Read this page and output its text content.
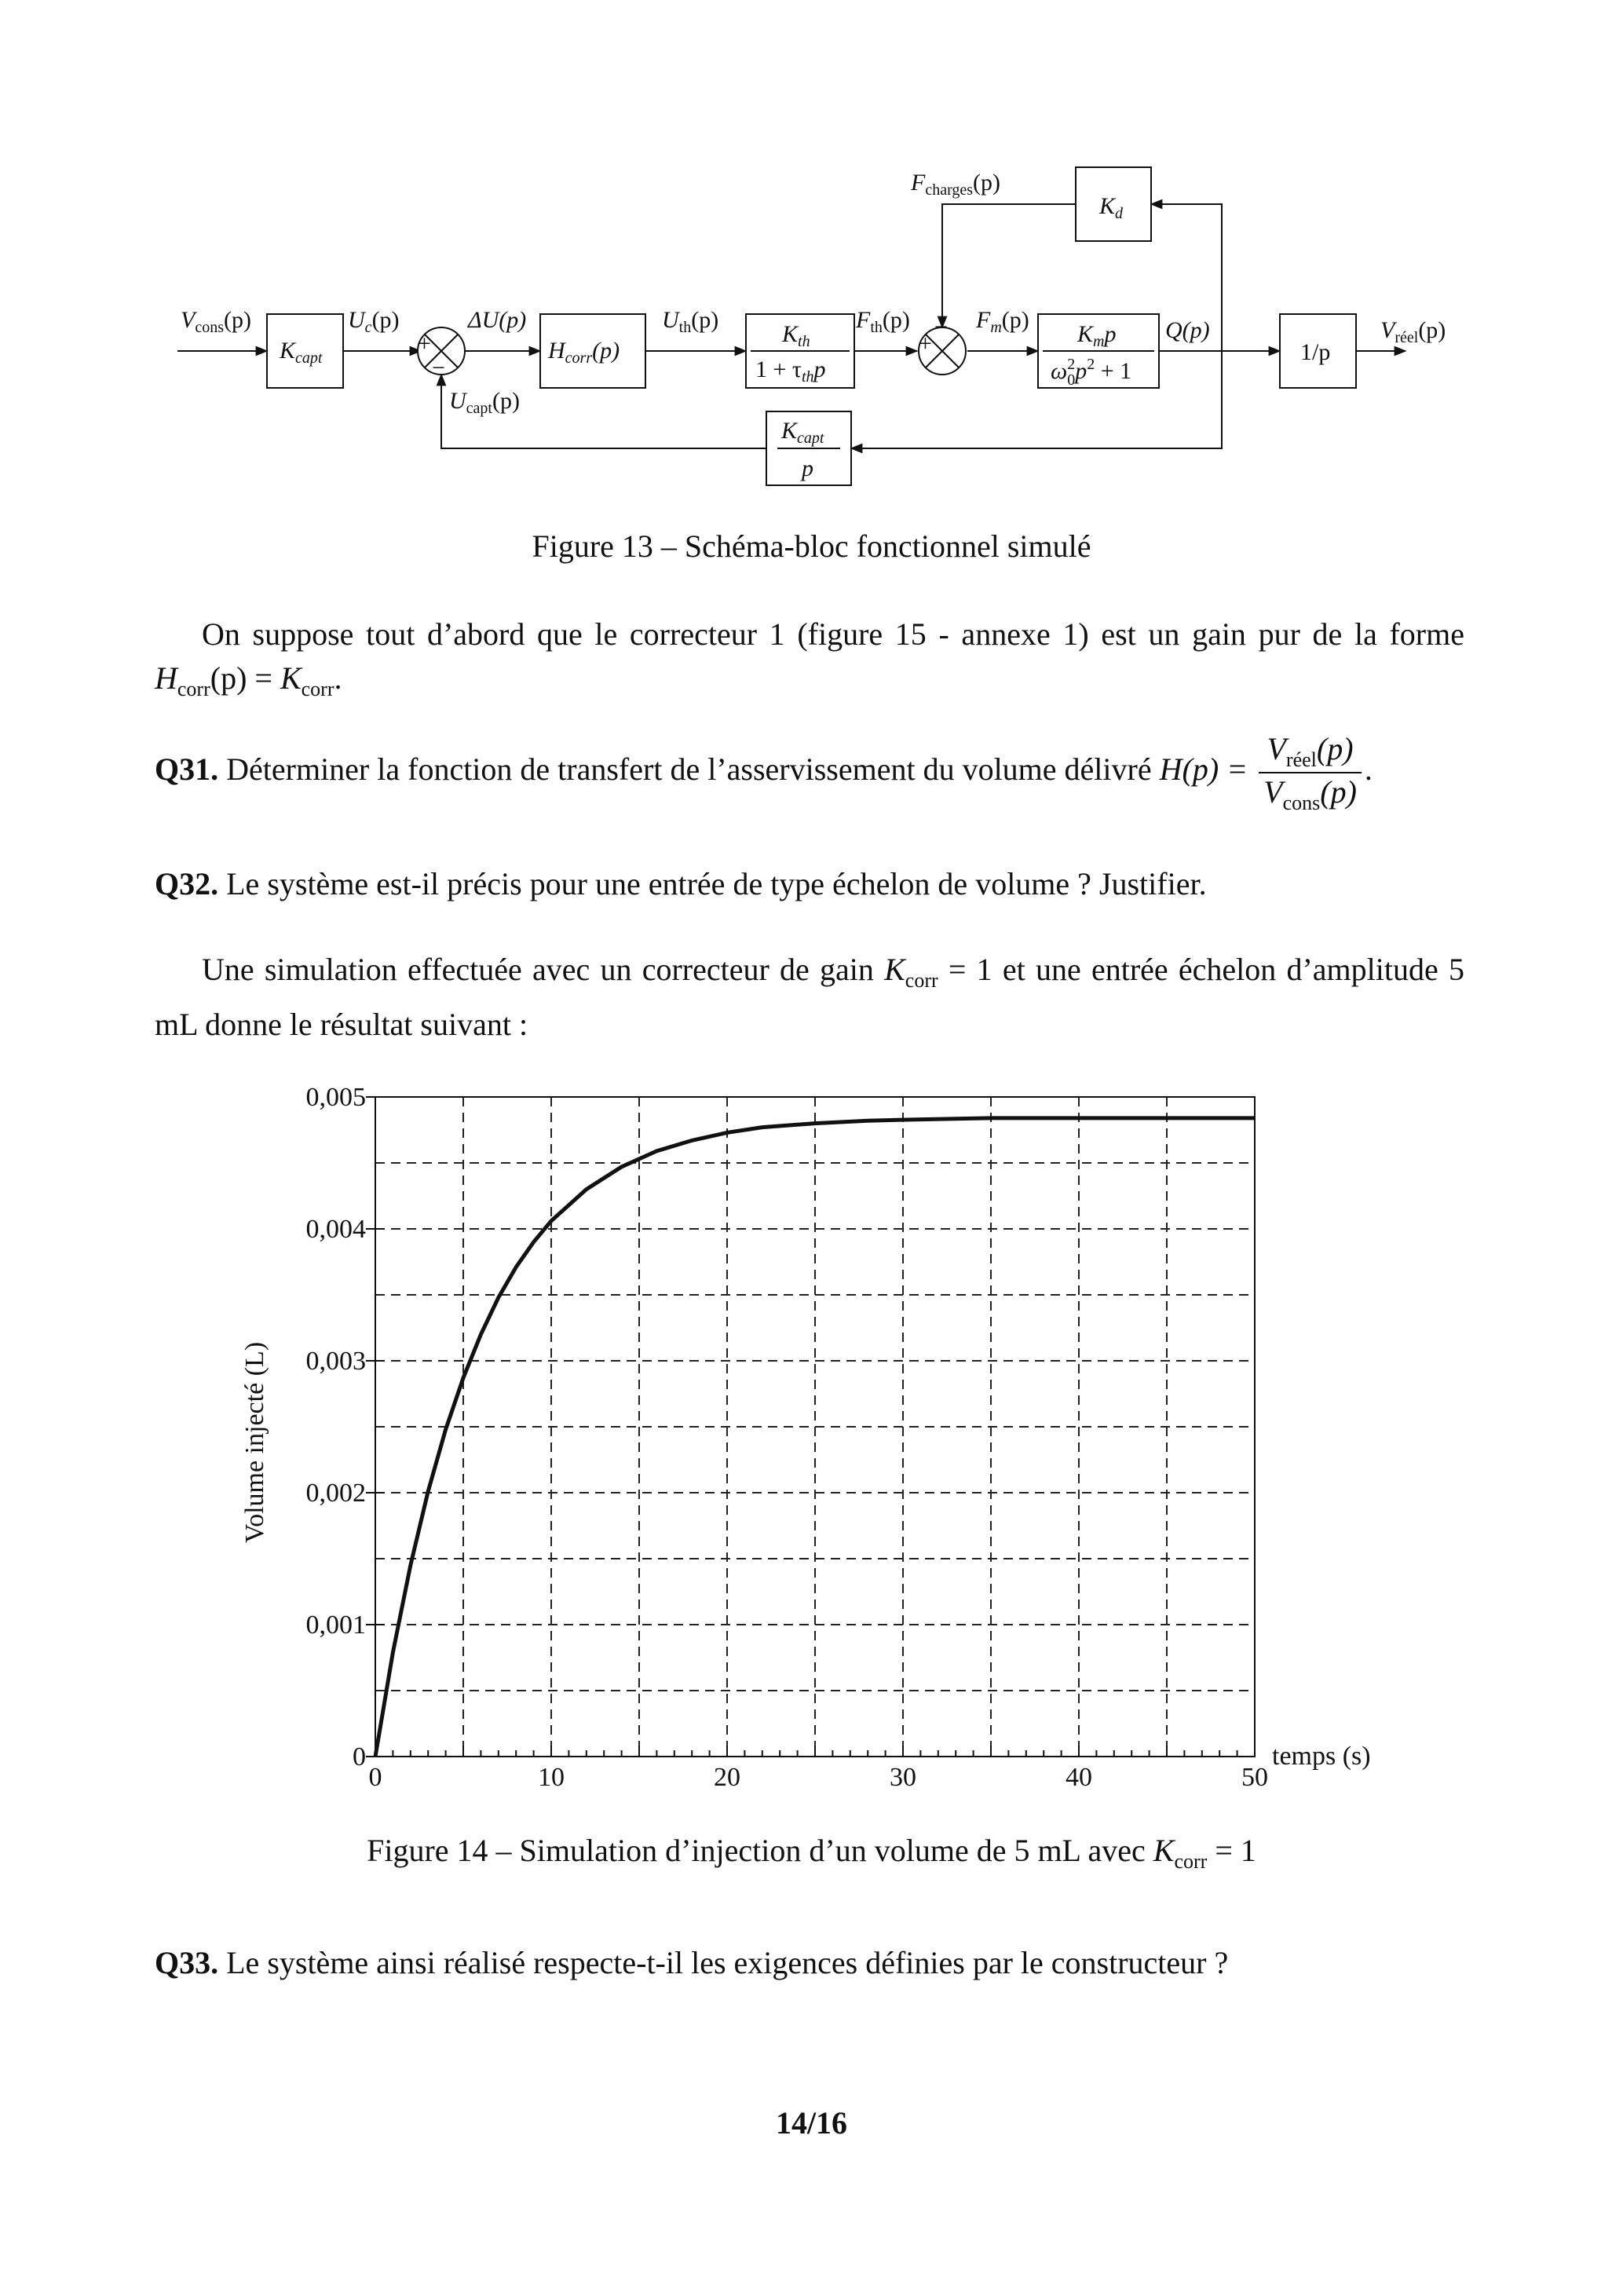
+
−
+
−
$V_{cons}(p)$	$U_c(p)$	ΔU(p)	$U_{th}(p)$	$F_{th}(p)$	$F_m(p)$	Q(p)	$V_{réel}(p)$
$U_{capt}(p)$
$F_{charges}(p)$
$K_{capt}$	$H_{corr}(p)$
$K_{th}$
$1 + \tau_{th}p$
$K_mp$
$\omega^2$ $0p^2 + 1$
1/p
$K_d$
$K_{capt}$
p

Figure 13 – Schéma-bloc fonctionnel simulé

On suppose tout d’abord que le correcteur 1 (figure 15 - annexe 1) est un gain pur de la forme $H_{corr}(p) = K_{corr}$.

Q31. Déterminer la fonction de transfert de l’asservissement du volume délivré $H(p) = \frac{V_{réel}(p)}{V_{cons}(p)}$ .

Q32. Le système est-il précis pour une entrée de type échelon de volume ? Justifier.

Une simulation effectuée avec un correcteur de gain $K_{corr} = 1$ et une entrée échelon d’amplitude 5 mL donne le résultat suivant :

0	10	20	30	40	50
0
0,001
0,002
0,003
0,004
0,005
temps (s)
Volume injecté (L)

Figure 14 – Simulation d’injection d’un volume de 5 mL avec $K_{corr} = 1$

Q33. Le système ainsi réalisé respecte-t-il les exigences définies par le constructeur ?

14/16
